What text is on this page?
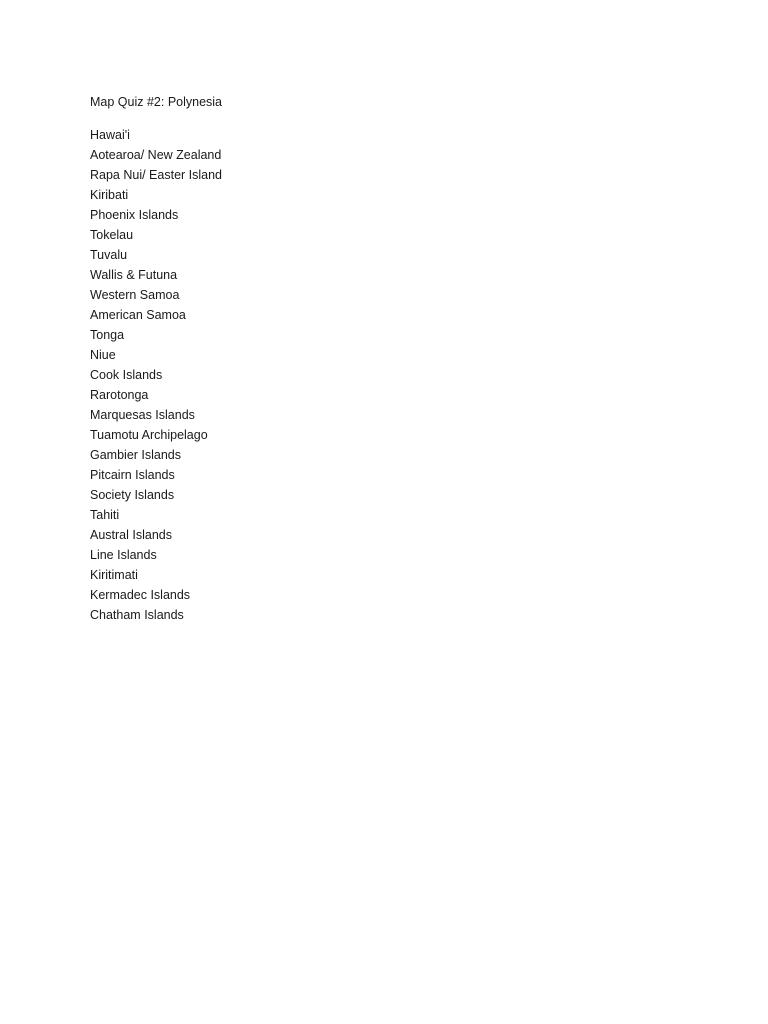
Map Quiz #2: Polynesia
Hawai'i
Aotearoa/ New Zealand
Rapa Nui/ Easter Island
Kiribati
Phoenix Islands
Tokelau
Tuvalu
Wallis & Futuna
Western Samoa
American Samoa
Tonga
Niue
Cook Islands
Rarotonga
Marquesas Islands
Tuamotu Archipelago
Gambier Islands
Pitcairn Islands
Society Islands
Tahiti
Austral Islands
Line Islands
Kiritimati
Kermadec Islands
Chatham Islands
